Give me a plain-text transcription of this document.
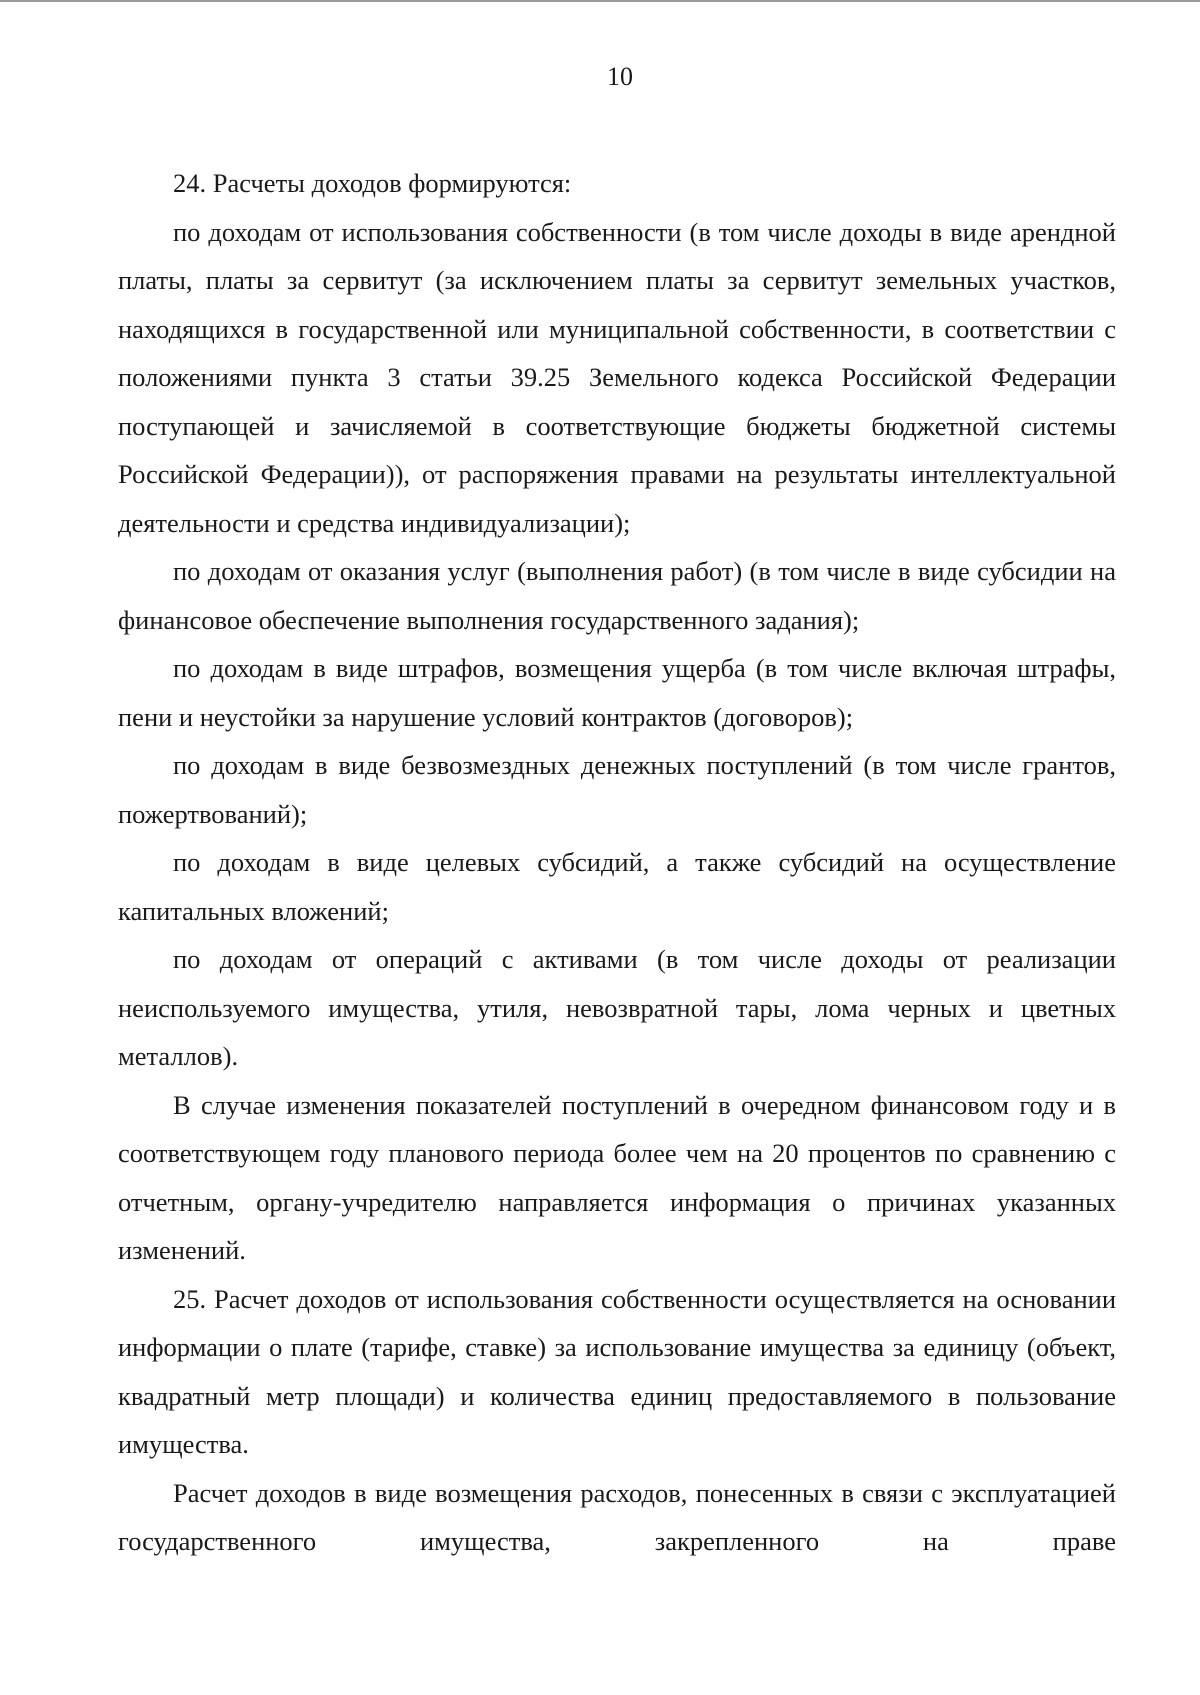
10

24. Расчеты доходов формируются:

по доходам от использования собственности (в том числе доходы в виде арендной платы, платы за сервитут (за исключением платы за сервитут земельных участков, находящихся в государственной или муниципальной собственности, в соответствии с положениями пункта 3 статьи 39.25 Земельного кодекса Российской Федерации поступающей и зачисляемой в соответствующие бюджеты бюджетной системы Российской Федерации)), от распоряжения правами на результаты интеллектуальной деятельности и средства индивидуализации);

по доходам от оказания услуг (выполнения работ) (в том числе в виде субсидии на финансовое обеспечение выполнения государственного задания);

по доходам в виде штрафов, возмещения ущерба (в том числе включая штрафы, пени и неустойки за нарушение условий контрактов (договоров);

по доходам в виде безвозмездных денежных поступлений (в том числе грантов, пожертвований);

по доходам в виде целевых субсидий, а также субсидий на осуществление капитальных вложений;

по доходам от операций с активами (в том числе доходы от реализации неиспользуемого имущества, утиля, невозвратной тары, лома черных и цветных металлов).

В случае изменения показателей поступлений в очередном финансовом году и в соответствующем году планового периода более чем на 20 процентов по сравнению с отчетным, органу-учредителю направляется информация о причинах указанных изменений.

25. Расчет доходов от использования собственности осуществляется на основании информации о плате (тарифе, ставке) за использование имущества за единицу (объект, квадратный метр площади) и количества единиц предоставляемого в пользование имущества.

Расчет доходов в виде возмещения расходов, понесенных в связи с эксплуатацией государственного имущества, закрепленного на праве
